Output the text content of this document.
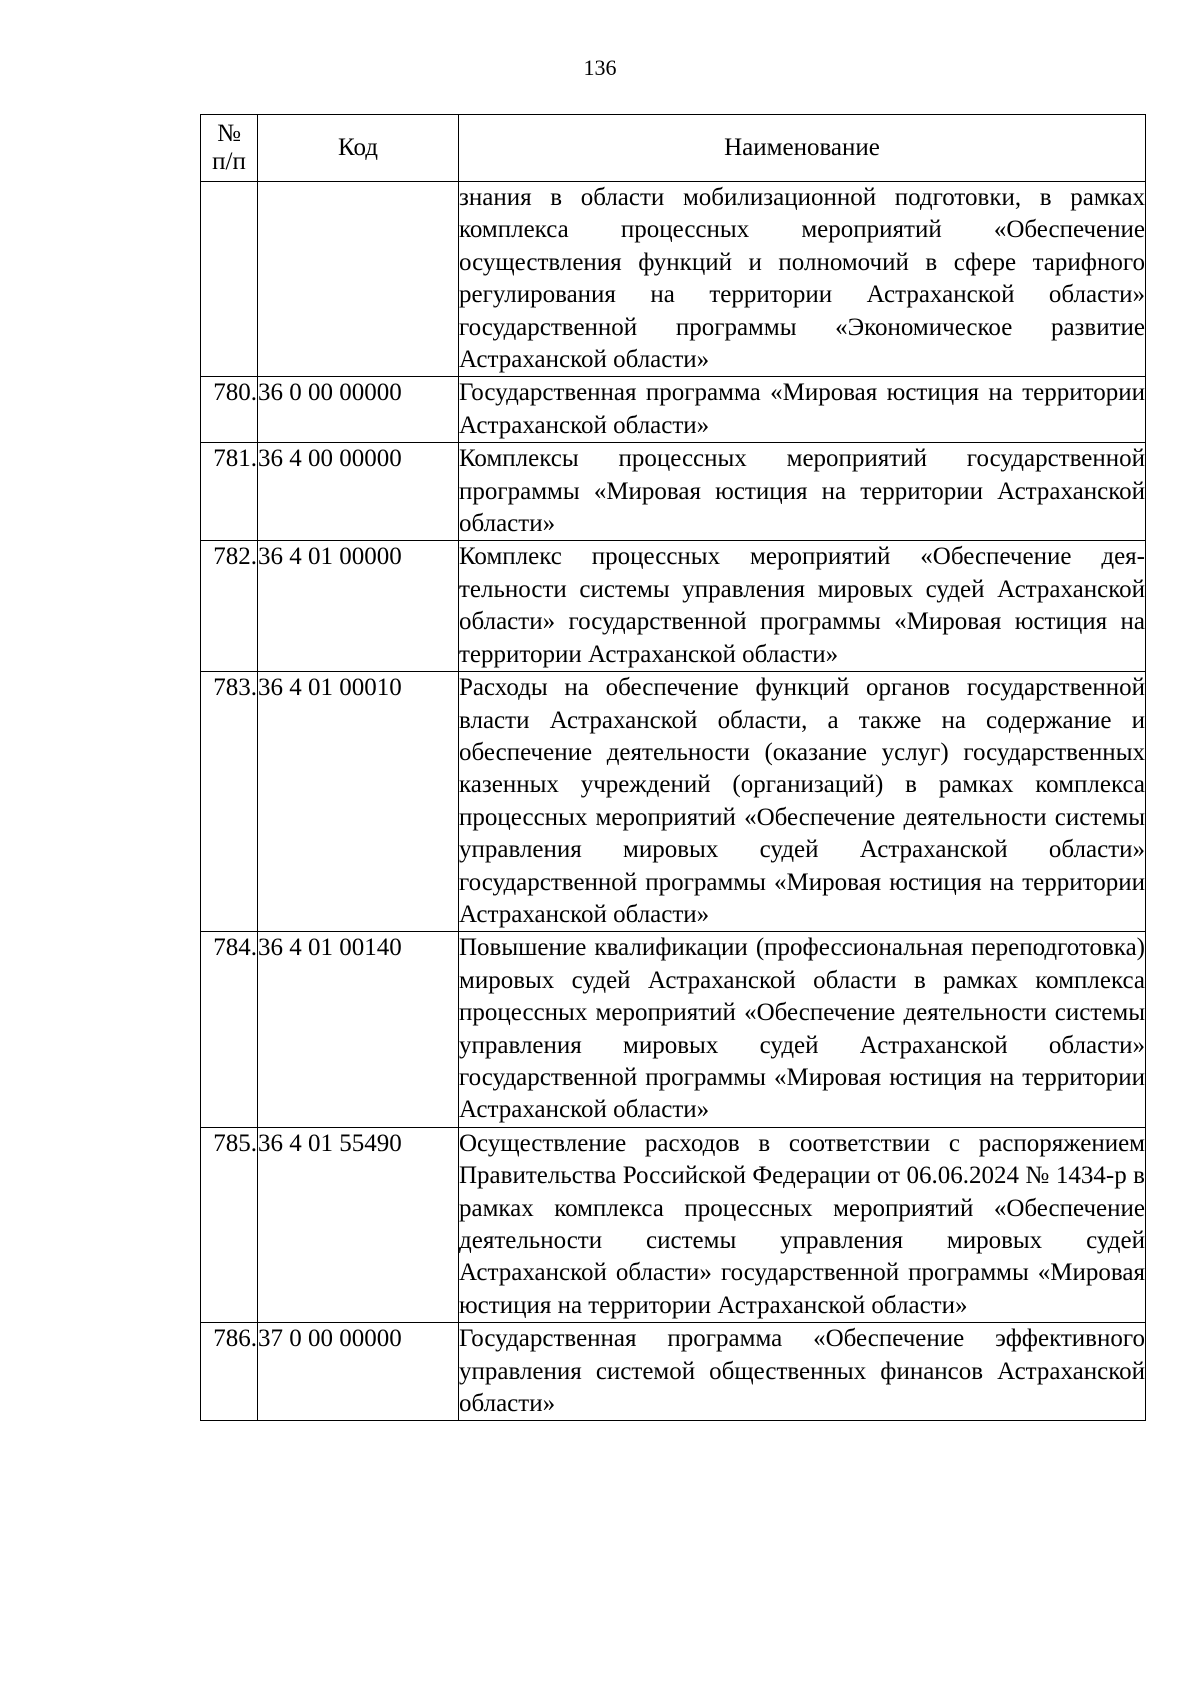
136
№
п/п	Код	Наименование
		знания в области мобилизационной подготовки, в рамках комплекса процессных мероприятий «Обеспечение осуществления функций и полномочий в сфере тарифного регулирования на территории Астраханской области» государственной программы «Экономическое развитие Астраханской области»
780.	36 0 00 00000	Государственная программа «Мировая юстиция на территории Астраханской области»
781.	36 4 00 00000	Комплексы процессных мероприятий государственной программы «Мировая юстиция на территории Астраханской области»
782.	36 4 01 00000	Комплекс процессных мероприятий «Обеспечение деятельности системы управления мировых судей Астраханской области» государственной программы «Мировая юстиция на территории Астраханской области»
783.	36 4 01 00010	Расходы на обеспечение функций органов государственной власти Астраханской области, а также на содержание и обеспечение деятельности (оказание услуг) государственных казенных учреждений (организаций) в рамках комплекса процессных мероприятий «Обеспечение деятельности системы управления мировых судей Астраханской области» государственной программы «Мировая юстиция на территории Астраханской области»
784.	36 4 01 00140	Повышение квалификации (профессиональная переподготовка) мировых судей Астраханской области в рамках комплекса процессных мероприятий «Обеспечение деятельности системы управления мировых судей Астраханской области» государственной программы «Мировая юстиция на территории Астраханской области»
785.	36 4 01 55490	Осуществление расходов в соответствии с распоряжением Правительства Российской Федерации от 06.06.2024 № 1434-р в рамках комплекса процессных мероприятий «Обеспечение деятельности системы управления мировых судей Астраханской области» государственной программы «Мировая юстиция на территории Астраханской области»
786.	37 0 00 00000	Государственная программа «Обеспечение эффективного управления системой общественных финансов Астраханской области»
